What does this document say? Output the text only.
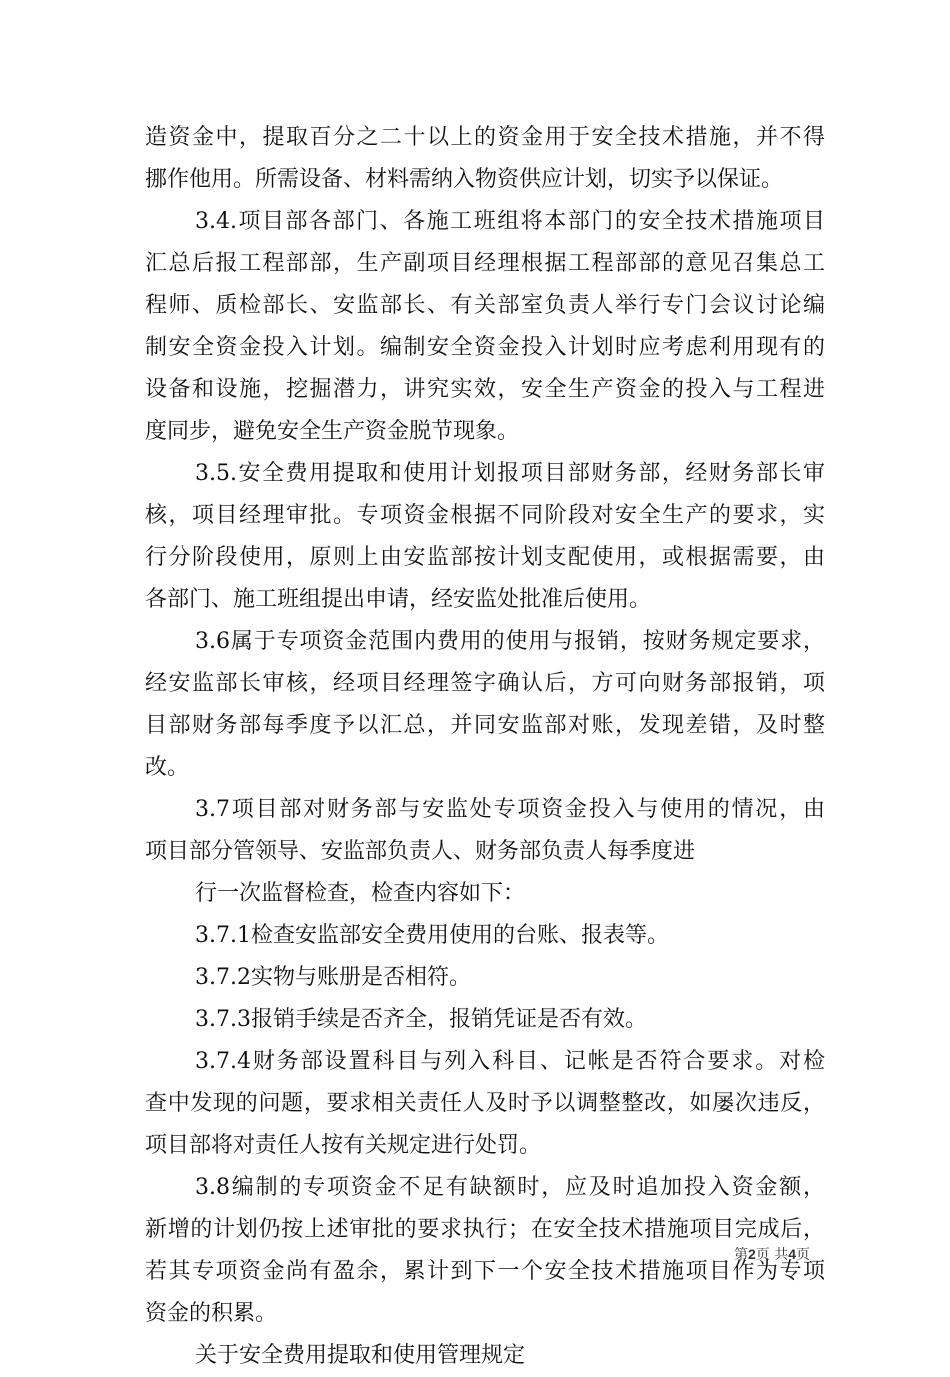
造资金中，提取百分之二十以上的资金用于安全技术措施，并不得
挪作他用。所需设备、材料需纳入物资供应计划，切实予以保证。
3.4.项目部各部门、各施工班组将本部门的安全技术措施项目
汇总后报工程部部，生产副项目经理根据工程部部的意见召集总工
程师、质检部长、安监部长、有关部室负责人举行专门会议讨论编
制安全资金投入计划。编制安全资金投入计划时应考虑利用现有的
设备和设施，挖掘潜力，讲究实效，安全生产资金的投入与工程进
度同步，避免安全生产资金脱节现象。
3.5.安全费用提取和使用计划报项目部财务部，经财务部长审
核，项目经理审批。专项资金根据不同阶段对安全生产的要求，实
行分阶段使用，原则上由安监部按计划支配使用，或根据需要，由
各部门、施工班组提出申请，经安监处批准后使用。
3.6属于专项资金范围内费用的使用与报销，按财务规定要求，
经安监部长审核，经项目经理签字确认后，方可向财务部报销，项
目部财务部每季度予以汇总，并同安监部对账，发现差错，及时整
改。
3.7项目部对财务部与安监处专项资金投入与使用的情况，由
项目部分管领导、安监部负责人、财务部负责人每季度进
行一次监督检查，检查内容如下：
3.7.1检查安监部安全费用使用的台账、报表等。
3.7.2实物与账册是否相符。
3.7.3报销手续是否齐全，报销凭证是否有效。
3.7.4财务部设置科目与列入科目、记帐是否符合要求。对检
查中发现的问题，要求相关责任人及时予以调整整改，如屡次违反，
项目部将对责任人按有关规定进行处罚。
3.8编制的专项资金不足有缺额时，应及时追加投入资金额，
新增的计划仍按上述审批的要求执行；在安全技术措施项目完成后，
若其专项资金尚有盈余，累计到下一个安全技术措施项目作为专项
资金的积累。
关于安全费用提取和使用管理规定
第2页 共4页
